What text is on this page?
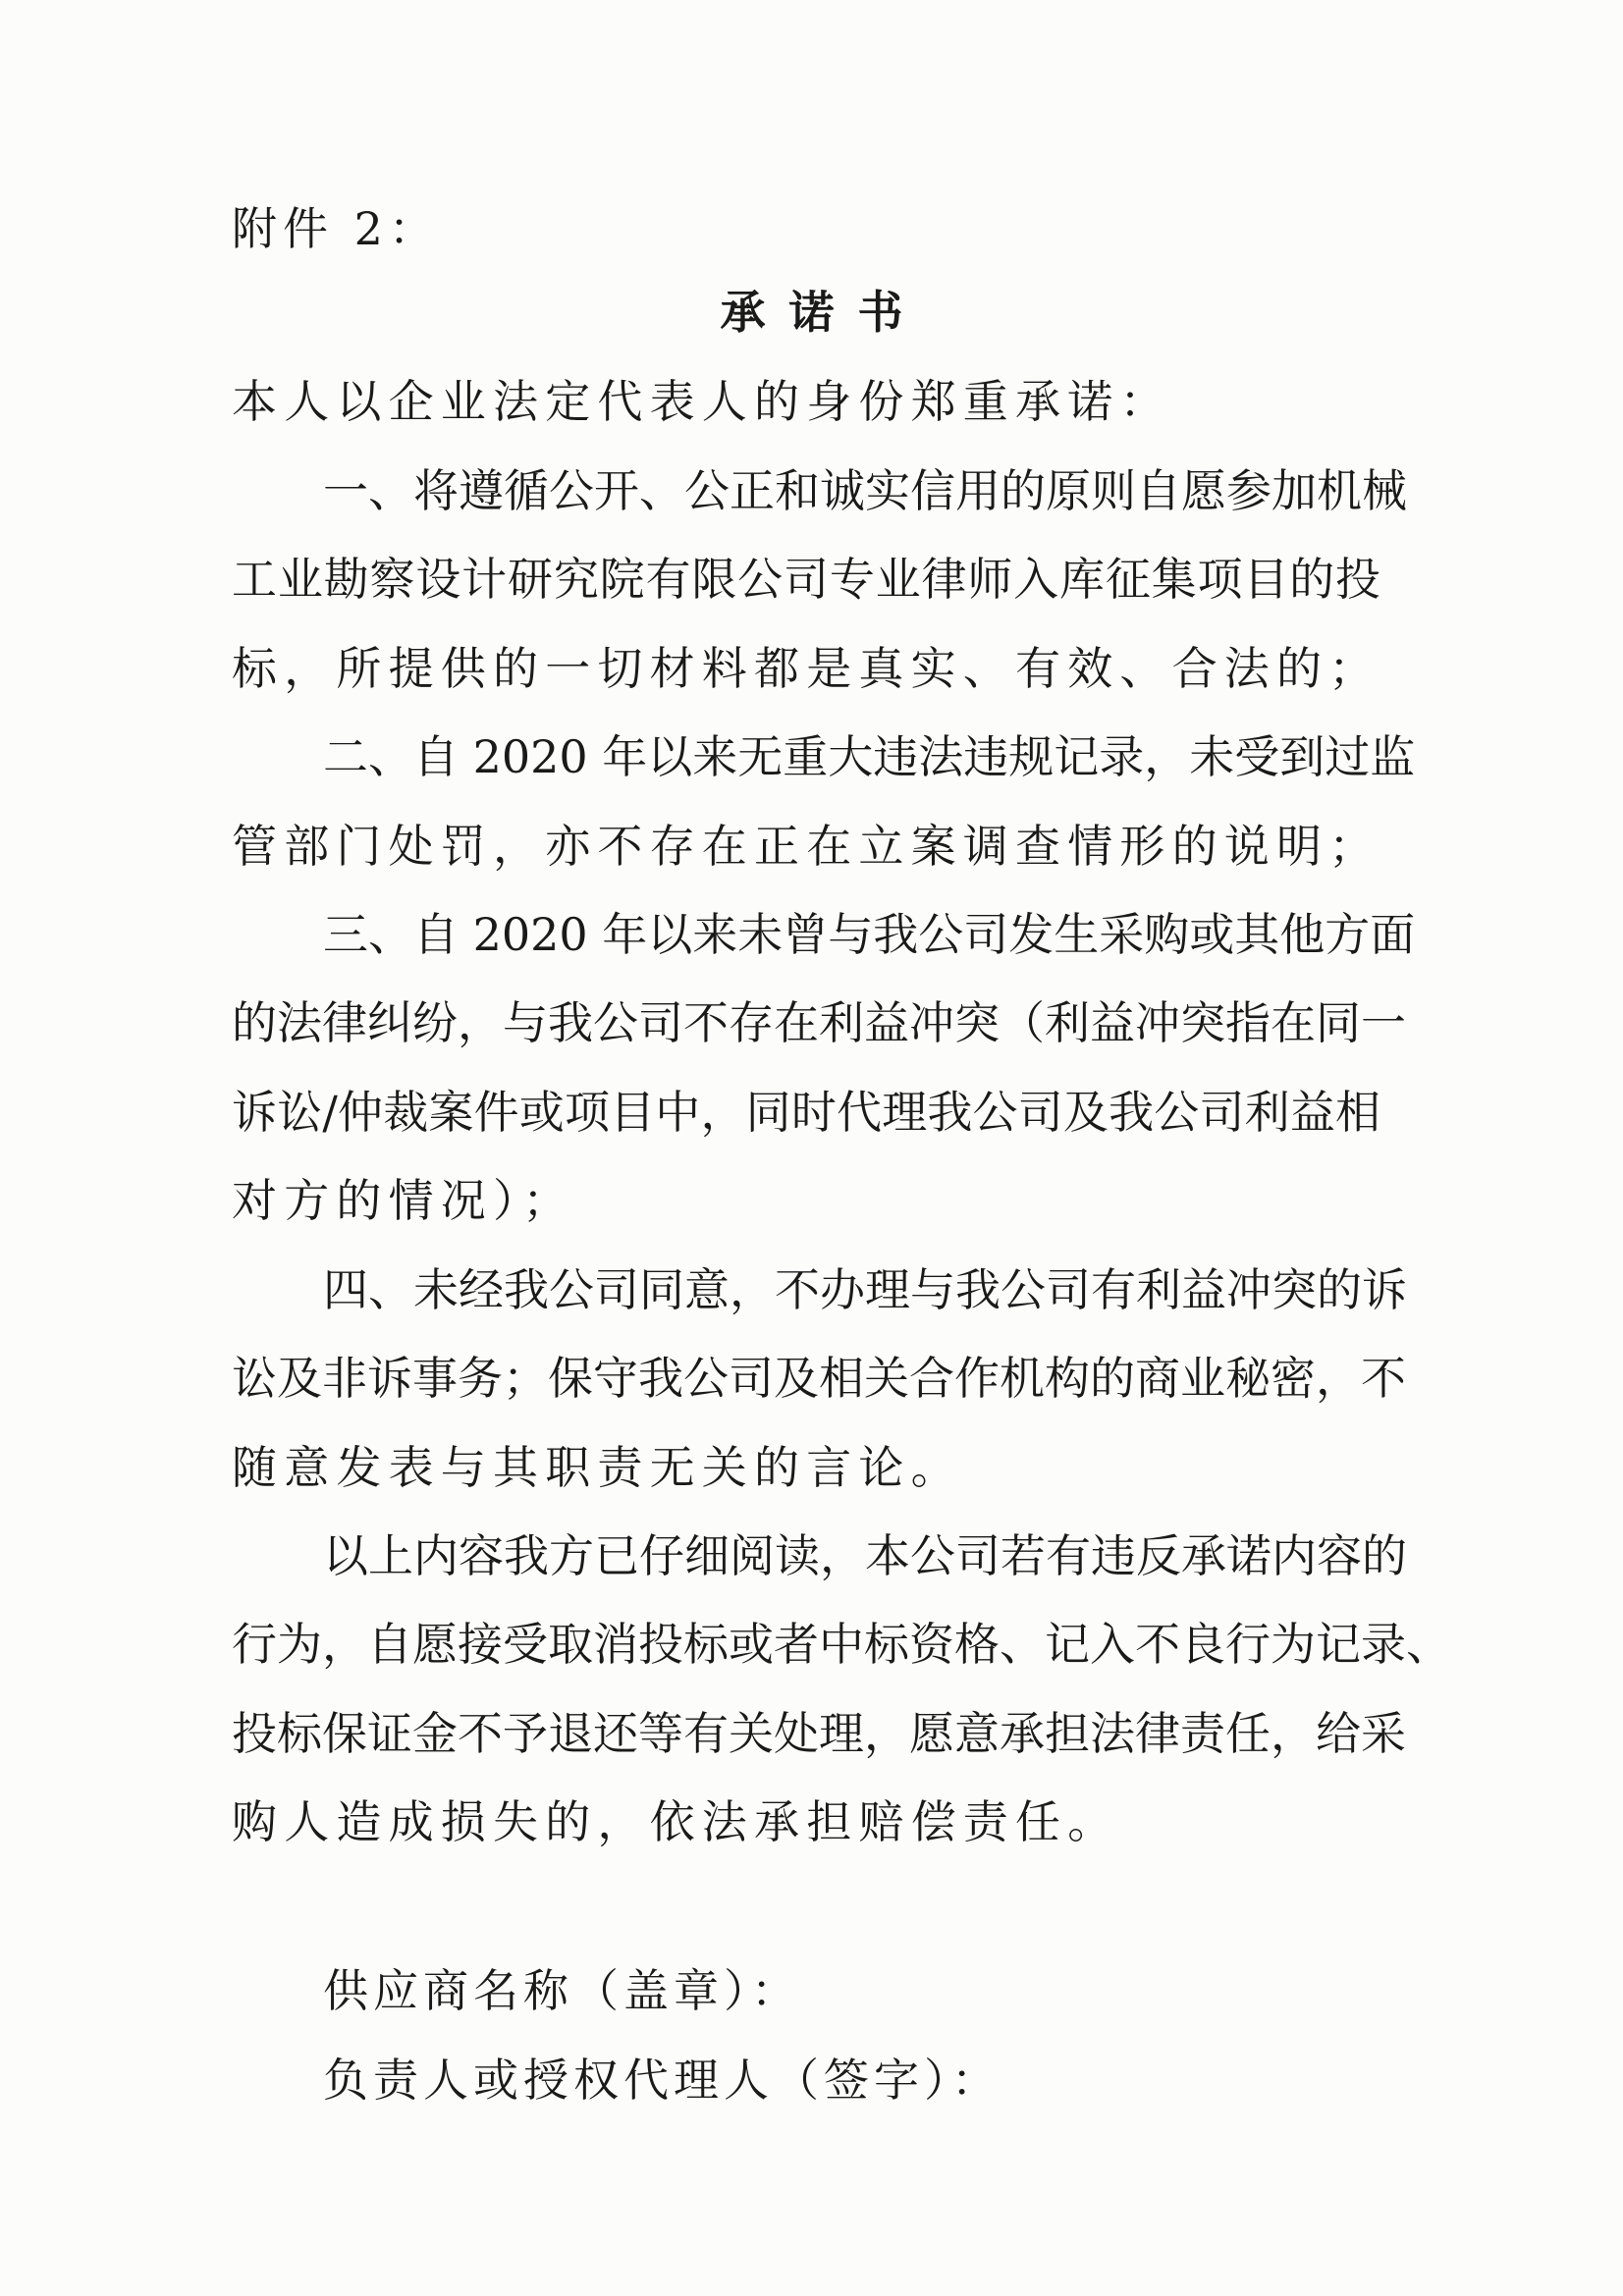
附件 2：
承诺书
本人以企业法定代表人的身份郑重承诺：
一、将遵循公开、公正和诚实信用的原则自愿参加机械
工业勘察设计研究院有限公司专业律师入库征集项目的投
标，所提供的一切材料都是真实、有效、合法的；
二、自 2020 年以来无重大违法违规记录，未受到过监
管部门处罚，亦不存在正在立案调查情形的说明；
三、自 2020 年以来未曾与我公司发生采购或其他方面
的法律纠纷，与我公司不存在利益冲突（利益冲突指在同一
诉讼/仲裁案件或项目中，同时代理我公司及我公司利益相
对方的情况）；
四、未经我公司同意，不办理与我公司有利益冲突的诉
讼及非诉事务；保守我公司及相关合作机构的商业秘密，不
随意发表与其职责无关的言论。
以上内容我方已仔细阅读，本公司若有违反承诺内容的
行为，自愿接受取消投标或者中标资格、记入不良行为记录、
投标保证金不予退还等有关处理，愿意承担法律责任，给采
购人造成损失的，依法承担赔偿责任。
供应商名称（盖章）：
负责人或授权代理人（签字）：
